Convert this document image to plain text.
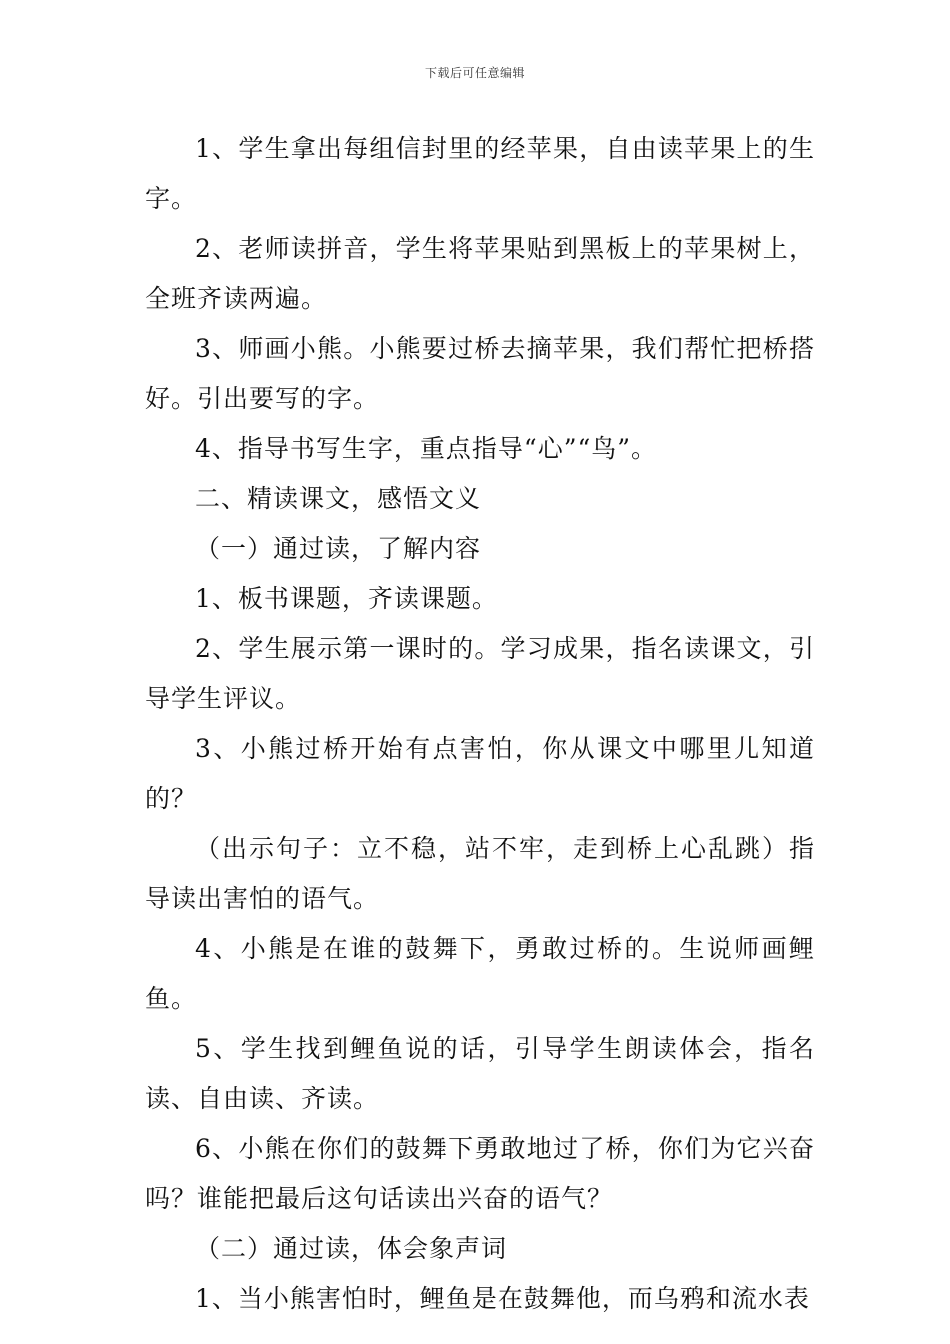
下载后可任意编辑

1、学生拿出每组信封里的经苹果，自由读苹果上的生字。

2、老师读拼音，学生将苹果贴到黑板上的苹果树上，全班齐读两遍。

3、师画小熊。小熊要过桥去摘苹果，我们帮忙把桥搭好。引出要写的字。

4、指导书写生字，重点指导“心”“鸟”。

二、精读课文，感悟文义

（一）通过读，了解内容

1、板书课题，齐读课题。

2、学生展示第一课时的。学习成果，指名读课文，引导学生评议。

3、小熊过桥开始有点害怕，你从课文中哪里儿知道的？

（出示句子：立不稳，站不牢，走到桥上心乱跳）指导读出害怕的语气。

4、小熊是在谁的鼓舞下，勇敢过桥的。生说师画鲤鱼。

5、学生找到鲤鱼说的话，引导学生朗读体会，指名读、自由读、齐读。

6、小熊在你们的鼓舞下勇敢地过了桥，你们为它兴奋吗？谁能把最后这句话读出兴奋的语气？

（二）通过读，体会象声词

1、当小熊害怕时，鲤鱼是在鼓舞他，而乌鸦和流水表
